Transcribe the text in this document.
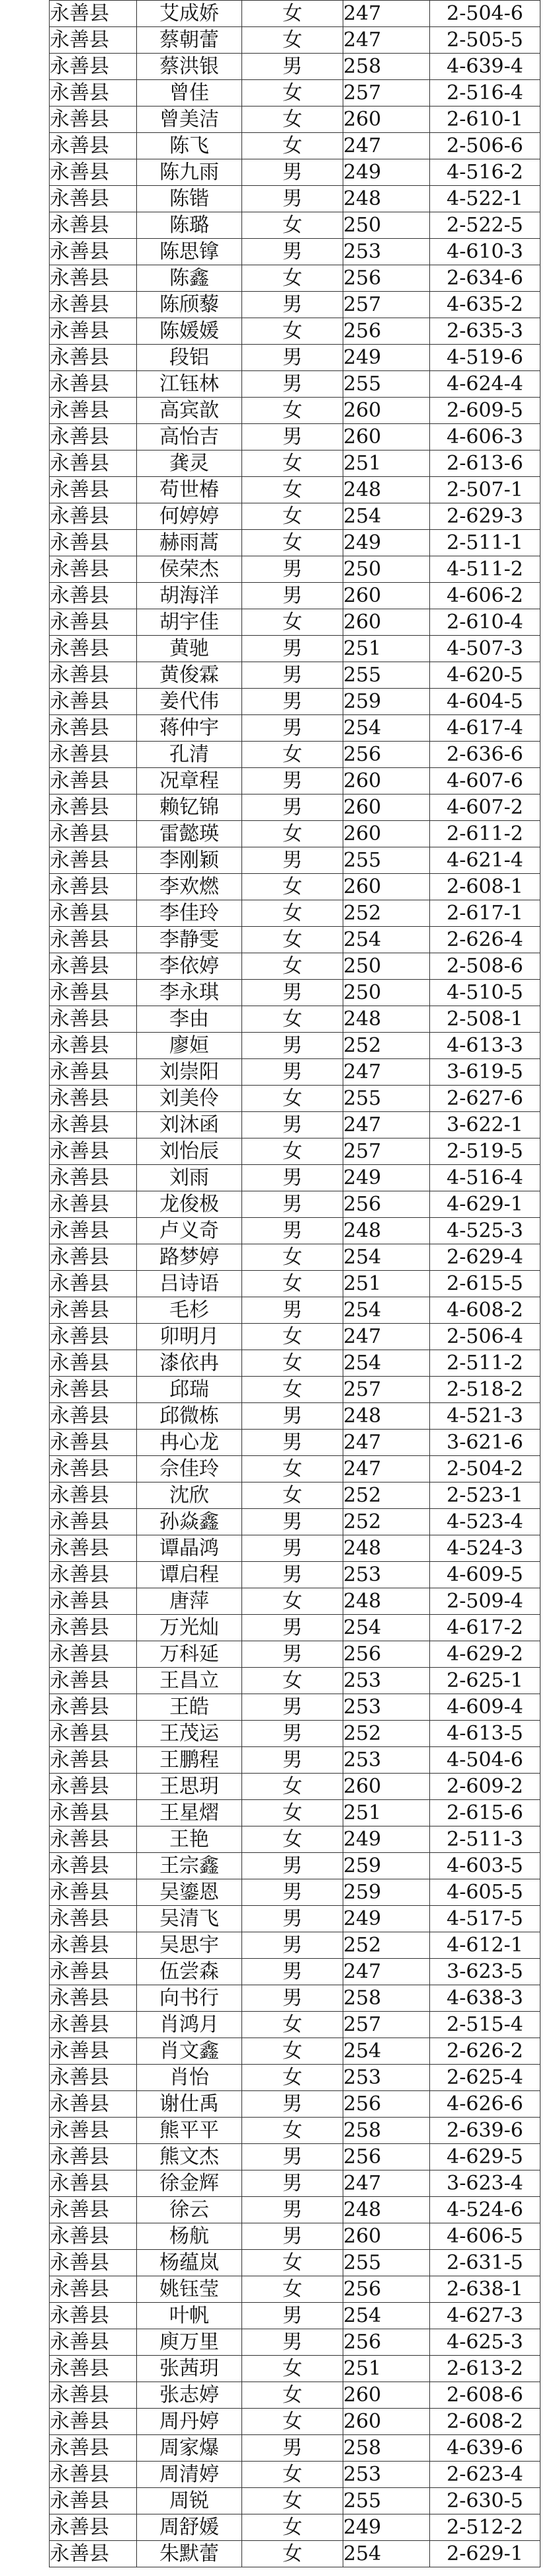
永善县	艾成娇	女	247	2-504-6
永善县	蔡朝蕾	女	247	2-505-5
永善县	蔡洪银	男	258	4-639-4
永善县	曾佳	女	257	2-516-4
永善县	曾美洁	女	260	2-610-1
永善县	陈飞	女	247	2-506-6
永善县	陈九雨	男	249	4-516-2
永善县	陈锴	男	248	4-522-1
永善县	陈璐	女	250	2-522-5
永善县	陈思镎	男	253	4-610-3
永善县	陈鑫	女	256	2-634-6
永善县	陈颀藜	男	257	4-635-2
永善县	陈媛媛	女	256	2-635-3
永善县	段铝	男	249	4-519-6
永善县	江钰林	男	255	4-624-4
永善县	高宾歆	女	260	2-609-5
永善县	高怡吉	男	260	4-606-3
永善县	龚灵	女	251	2-613-6
永善县	苟世椿	女	248	2-507-1
永善县	何婷婷	女	254	2-629-3
永善县	赫雨蒿	女	249	2-511-1
永善县	侯荣杰	男	250	4-511-2
永善县	胡海洋	男	260	4-606-2
永善县	胡宇佳	女	260	2-610-4
永善县	黄驰	男	251	4-507-3
永善县	黄俊霖	男	255	4-620-5
永善县	姜代伟	男	259	4-604-5
永善县	蒋仲宇	男	254	4-617-4
永善县	孔清	女	256	2-636-6
永善县	况章程	男	260	4-607-6
永善县	赖钇锦	男	260	4-607-2
永善县	雷懿瑛	女	260	2-611-2
永善县	李刚颖	男	255	4-621-4
永善县	李欢燃	女	260	2-608-1
永善县	李佳玲	女	252	2-617-1
永善县	李静雯	女	254	2-626-4
永善县	李依婷	女	250	2-508-6
永善县	李永琪	男	250	4-510-5
永善县	李由	女	248	2-508-1
永善县	廖姮	男	252	4-613-3
永善县	刘崇阳	男	247	3-619-5
永善县	刘美伶	女	255	2-627-6
永善县	刘沐函	男	247	3-622-1
永善县	刘怡辰	女	257	2-519-5
永善县	刘雨	男	249	4-516-4
永善县	龙俊极	男	256	4-629-1
永善县	卢义奇	男	248	4-525-3
永善县	路梦婷	女	254	2-629-4
永善县	吕诗语	女	251	2-615-5
永善县	毛杉	男	254	4-608-2
永善县	卯明月	女	247	2-506-4
永善县	漆依冉	女	254	2-511-2
永善县	邱瑞	女	257	2-518-2
永善县	邱微栋	男	248	4-521-3
永善县	冉心龙	男	247	3-621-6
永善县	佘佳玲	女	247	2-504-2
永善县	沈欣	女	252	2-523-1
永善县	孙焱鑫	男	252	4-523-4
永善县	谭晶鸿	男	248	4-524-3
永善县	谭启程	男	253	4-609-5
永善县	唐萍	女	248	2-509-4
永善县	万光灿	男	254	4-617-2
永善县	万科延	男	256	4-629-2
永善县	王昌立	女	253	2-625-1
永善县	王皓	男	253	4-609-4
永善县	王茂运	男	252	4-613-5
永善县	王鹏程	男	253	4-504-6
永善县	王思玥	女	260	2-609-2
永善县	王星熠	女	251	2-615-6
永善县	王艳	女	249	2-511-3
永善县	王宗鑫	男	259	4-603-5
永善县	吴鎏恩	男	259	4-605-5
永善县	吴清飞	男	249	4-517-5
永善县	吴思宇	男	252	4-612-1
永善县	伍尝森	男	247	3-623-5
永善县	向书行	男	258	4-638-3
永善县	肖鸿月	女	257	2-515-4
永善县	肖文鑫	女	254	2-626-2
永善县	肖怡	女	253	2-625-4
永善县	谢仕禹	男	256	4-626-6
永善县	熊平平	女	258	2-639-6
永善县	熊文杰	男	256	4-629-5
永善县	徐金辉	男	247	3-623-4
永善县	徐云	男	248	4-524-6
永善县	杨航	男	260	4-606-5
永善县	杨蕴岚	女	255	2-631-5
永善县	姚钰莹	女	256	2-638-1
永善县	叶帆	男	254	4-627-3
永善县	庾万里	男	256	4-625-3
永善县	张茜玥	女	251	2-613-2
永善县	张志婷	女	260	2-608-6
永善县	周丹婷	女	260	2-608-2
永善县	周家爆	男	258	4-639-6
永善县	周清婷	女	253	2-623-4
永善县	周锐	女	255	2-630-5
永善县	周舒媛	女	249	2-512-2
永善县	朱默蕾	女	254	2-629-1
